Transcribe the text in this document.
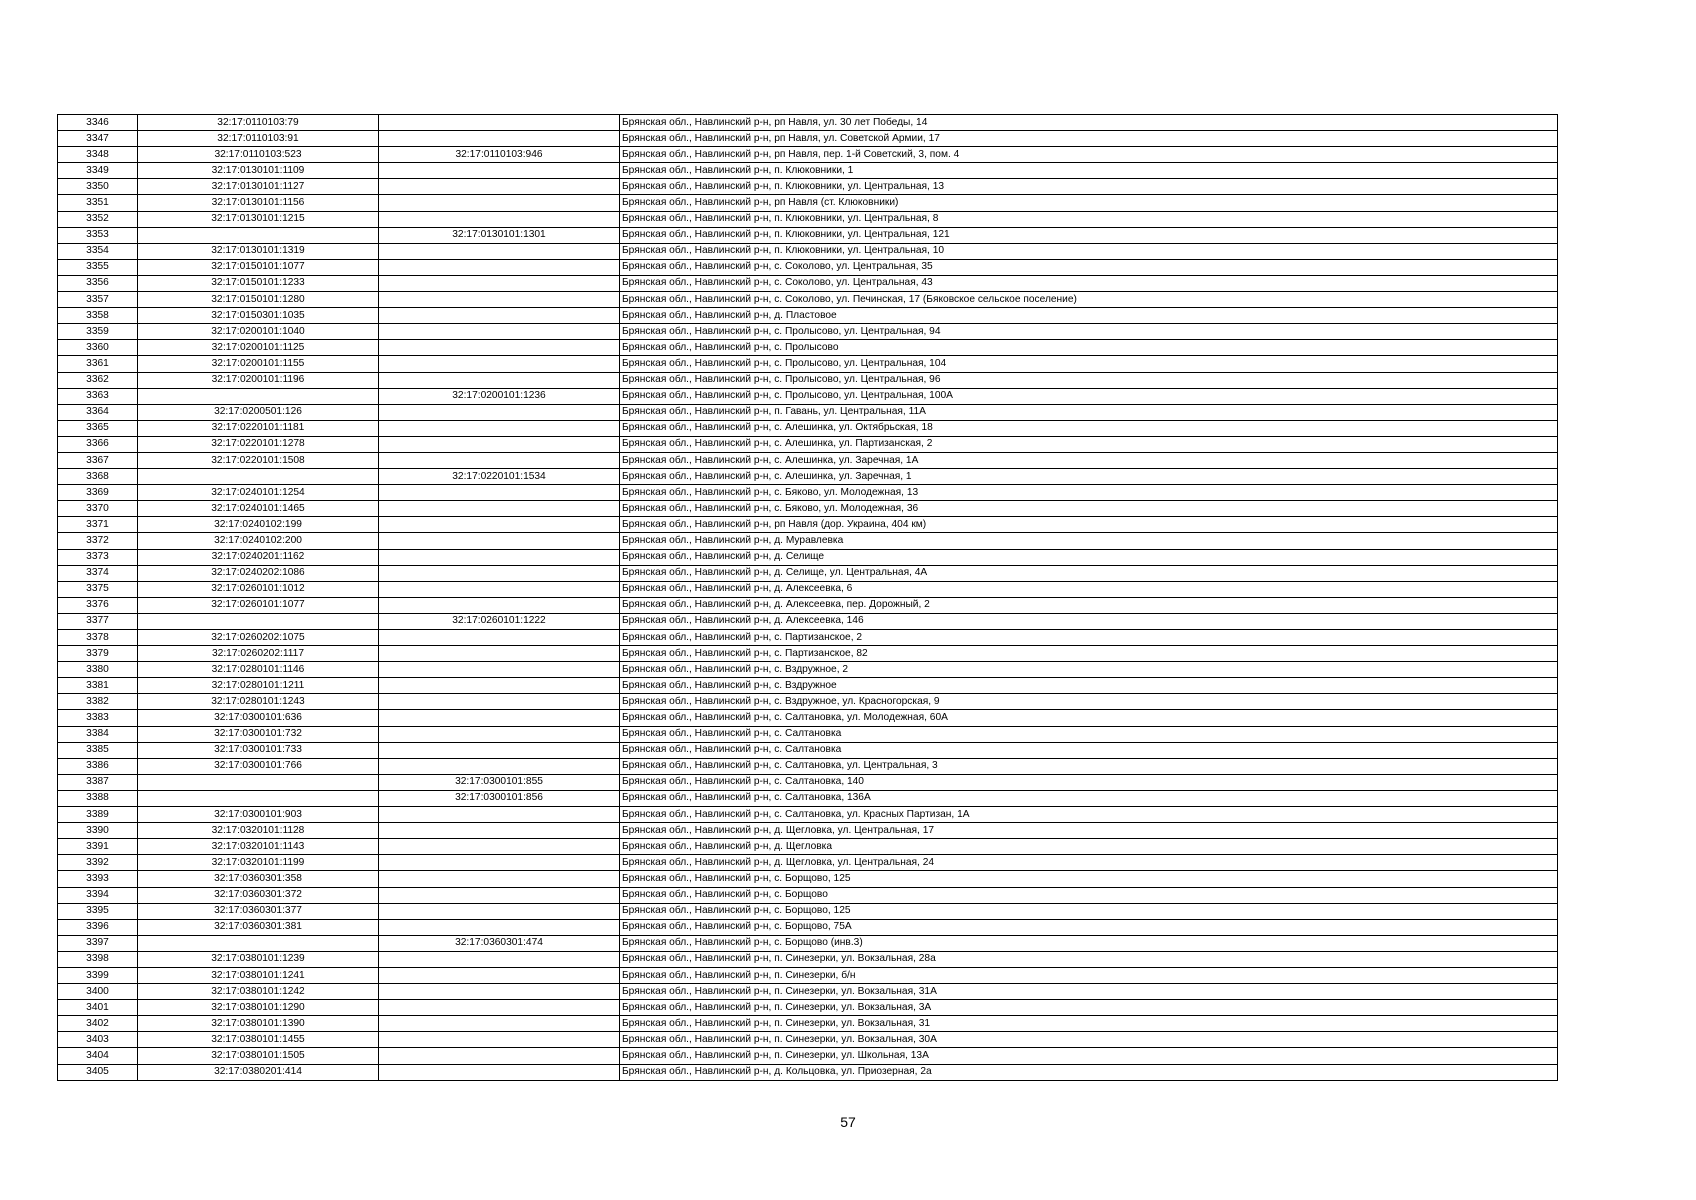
3346	32:17:0110103:79		Брянская обл., Навлинский р-н, рп Навля, ул. 30 лет Победы, 14
3347	32:17:0110103:91		Брянская обл., Навлинский р-н, рп Навля, ул. Советской Армии, 17
3348	32:17:0110103:523	32:17:0110103:946	Брянская обл., Навлинский р-н, рп Навля, пер. 1-й Советский, 3, пом. 4
3349	32:17:0130101:1109		Брянская обл., Навлинский р-н, п. Клюковники, 1
3350	32:17:0130101:1127		Брянская обл., Навлинский р-н, п. Клюковники, ул. Центральная, 13
3351	32:17:0130101:1156		Брянская обл., Навлинский р-н, рп Навля (ст. Клюковники)
3352	32:17:0130101:1215		Брянская обл., Навлинский р-н, п. Клюковники, ул. Центральная, 8
3353		32:17:0130101:1301	Брянская обл., Навлинский р-н, п. Клюковники, ул. Центральная, 121
3354	32:17:0130101:1319		Брянская обл., Навлинский р-н, п. Клюковники, ул. Центральная, 10
3355	32:17:0150101:1077		Брянская обл., Навлинский р-н, с. Соколово, ул. Центральная, 35
3356	32:17:0150101:1233		Брянская обл., Навлинский р-н, с. Соколово, ул. Центральная, 43
3357	32:17:0150101:1280		Брянская обл., Навлинский р-н, с. Соколово, ул. Печинская, 17 (Бяковское сельское поселение)
3358	32:17:0150301:1035		Брянская обл., Навлинский р-н, д. Пластовое
3359	32:17:0200101:1040		Брянская обл., Навлинский р-н, с. Пролысово, ул. Центральная, 94
3360	32:17:0200101:1125		Брянская обл., Навлинский р-н, с. Пролысово
3361	32:17:0200101:1155		Брянская обл., Навлинский р-н, с. Пролысово, ул. Центральная, 104
3362	32:17:0200101:1196		Брянская обл., Навлинский р-н, с. Пролысово, ул. Центральная, 96
3363		32:17:0200101:1236	Брянская обл., Навлинский р-н, с. Пролысово, ул. Центральная, 100А
3364	32:17:0200501:126		Брянская обл., Навлинский р-н, п. Гавань, ул. Центральная, 11А
3365	32:17:0220101:1181		Брянская обл., Навлинский р-н, с. Алешинка, ул. Октябрьская, 18
3366	32:17:0220101:1278		Брянская обл., Навлинский р-н, с. Алешинка, ул. Партизанская, 2
3367	32:17:0220101:1508		Брянская обл., Навлинский р-н, с. Алешинка, ул. Заречная, 1А
3368		32:17:0220101:1534	Брянская обл., Навлинский р-н, с. Алешинка, ул. Заречная, 1
3369	32:17:0240101:1254		Брянская обл., Навлинский р-н, с. Бяково, ул. Молодежная, 13
3370	32:17:0240101:1465		Брянская обл., Навлинский р-н, с. Бяково, ул. Молодежная, 36
3371	32:17:0240102:199		Брянская обл., Навлинский р-н, рп Навля (дор. Украина, 404 км)
3372	32:17:0240102:200		Брянская обл., Навлинский р-н, д. Муравлевка
3373	32:17:0240201:1162		Брянская обл., Навлинский р-н, д. Селище
3374	32:17:0240202:1086		Брянская обл., Навлинский р-н, д. Селище, ул. Центральная, 4А
3375	32:17:0260101:1012		Брянская обл., Навлинский р-н, д. Алексеевка, 6
3376	32:17:0260101:1077		Брянская обл., Навлинский р-н, д. Алексеевка, пер. Дорожный, 2
3377		32:17:0260101:1222	Брянская обл., Навлинский р-н, д. Алексеевка, 146
3378	32:17:0260202:1075		Брянская обл., Навлинский р-н, с. Партизанское, 2
3379	32:17:0260202:1117		Брянская обл., Навлинский р-н, с. Партизанское, 82
3380	32:17:0280101:1146		Брянская обл., Навлинский р-н, с. Вздружное, 2
3381	32:17:0280101:1211		Брянская обл., Навлинский р-н, с. Вздружное
3382	32:17:0280101:1243		Брянская обл., Навлинский р-н, с. Вздружное, ул. Красногорская, 9
3383	32:17:0300101:636		Брянская обл., Навлинский р-н, с. Салтановка, ул. Молодежная, 60А
3384	32:17:0300101:732		Брянская обл., Навлинский р-н, с. Салтановка
3385	32:17:0300101:733		Брянская обл., Навлинский р-н, с. Салтановка
3386	32:17:0300101:766		Брянская обл., Навлинский р-н, с. Салтановка, ул. Центральная, 3
3387		32:17:0300101:855	Брянская обл., Навлинский р-н, с. Салтановка, 140
3388		32:17:0300101:856	Брянская обл., Навлинский р-н, с. Салтановка, 136А
3389	32:17:0300101:903		Брянская обл., Навлинский р-н, с. Салтановка, ул. Красных Партизан, 1А
3390	32:17:0320101:1128		Брянская обл., Навлинский р-н, д. Щегловка, ул. Центральная, 17
3391	32:17:0320101:1143		Брянская обл., Навлинский р-н, д. Щегловка
3392	32:17:0320101:1199		Брянская обл., Навлинский р-н, д. Щегловка, ул. Центральная, 24
3393	32:17:0360301:358		Брянская обл., Навлинский р-н, с. Борщово, 125
3394	32:17:0360301:372		Брянская обл., Навлинский р-н, с. Борщово
3395	32:17:0360301:377		Брянская обл., Навлинский р-н, с. Борщово, 125
3396	32:17:0360301:381		Брянская обл., Навлинский р-н, с. Борщово, 75А
3397		32:17:0360301:474	Брянская обл., Навлинский р-н, с. Борщово (инв.3)
3398	32:17:0380101:1239		Брянская обл., Навлинский р-н, п. Синезерки, ул. Вокзальная, 28а
3399	32:17:0380101:1241		Брянская обл., Навлинский р-н, п. Синезерки, б/н
3400	32:17:0380101:1242		Брянская обл., Навлинский р-н, п. Синезерки, ул. Вокзальная, 31А
3401	32:17:0380101:1290		Брянская обл., Навлинский р-н, п. Синезерки, ул. Вокзальная, 3А
3402	32:17:0380101:1390		Брянская обл., Навлинский р-н, п. Синезерки, ул. Вокзальная, 31
3403	32:17:0380101:1455		Брянская обл., Навлинский р-н, п. Синезерки, ул. Вокзальная, 30А
3404	32:17:0380101:1505		Брянская обл., Навлинский р-н, п. Синезерки, ул. Школьная, 13А
3405	32:17:0380201:414		Брянская обл., Навлинский р-н, д. Кольцовка, ул. Приозерная, 2а
57
